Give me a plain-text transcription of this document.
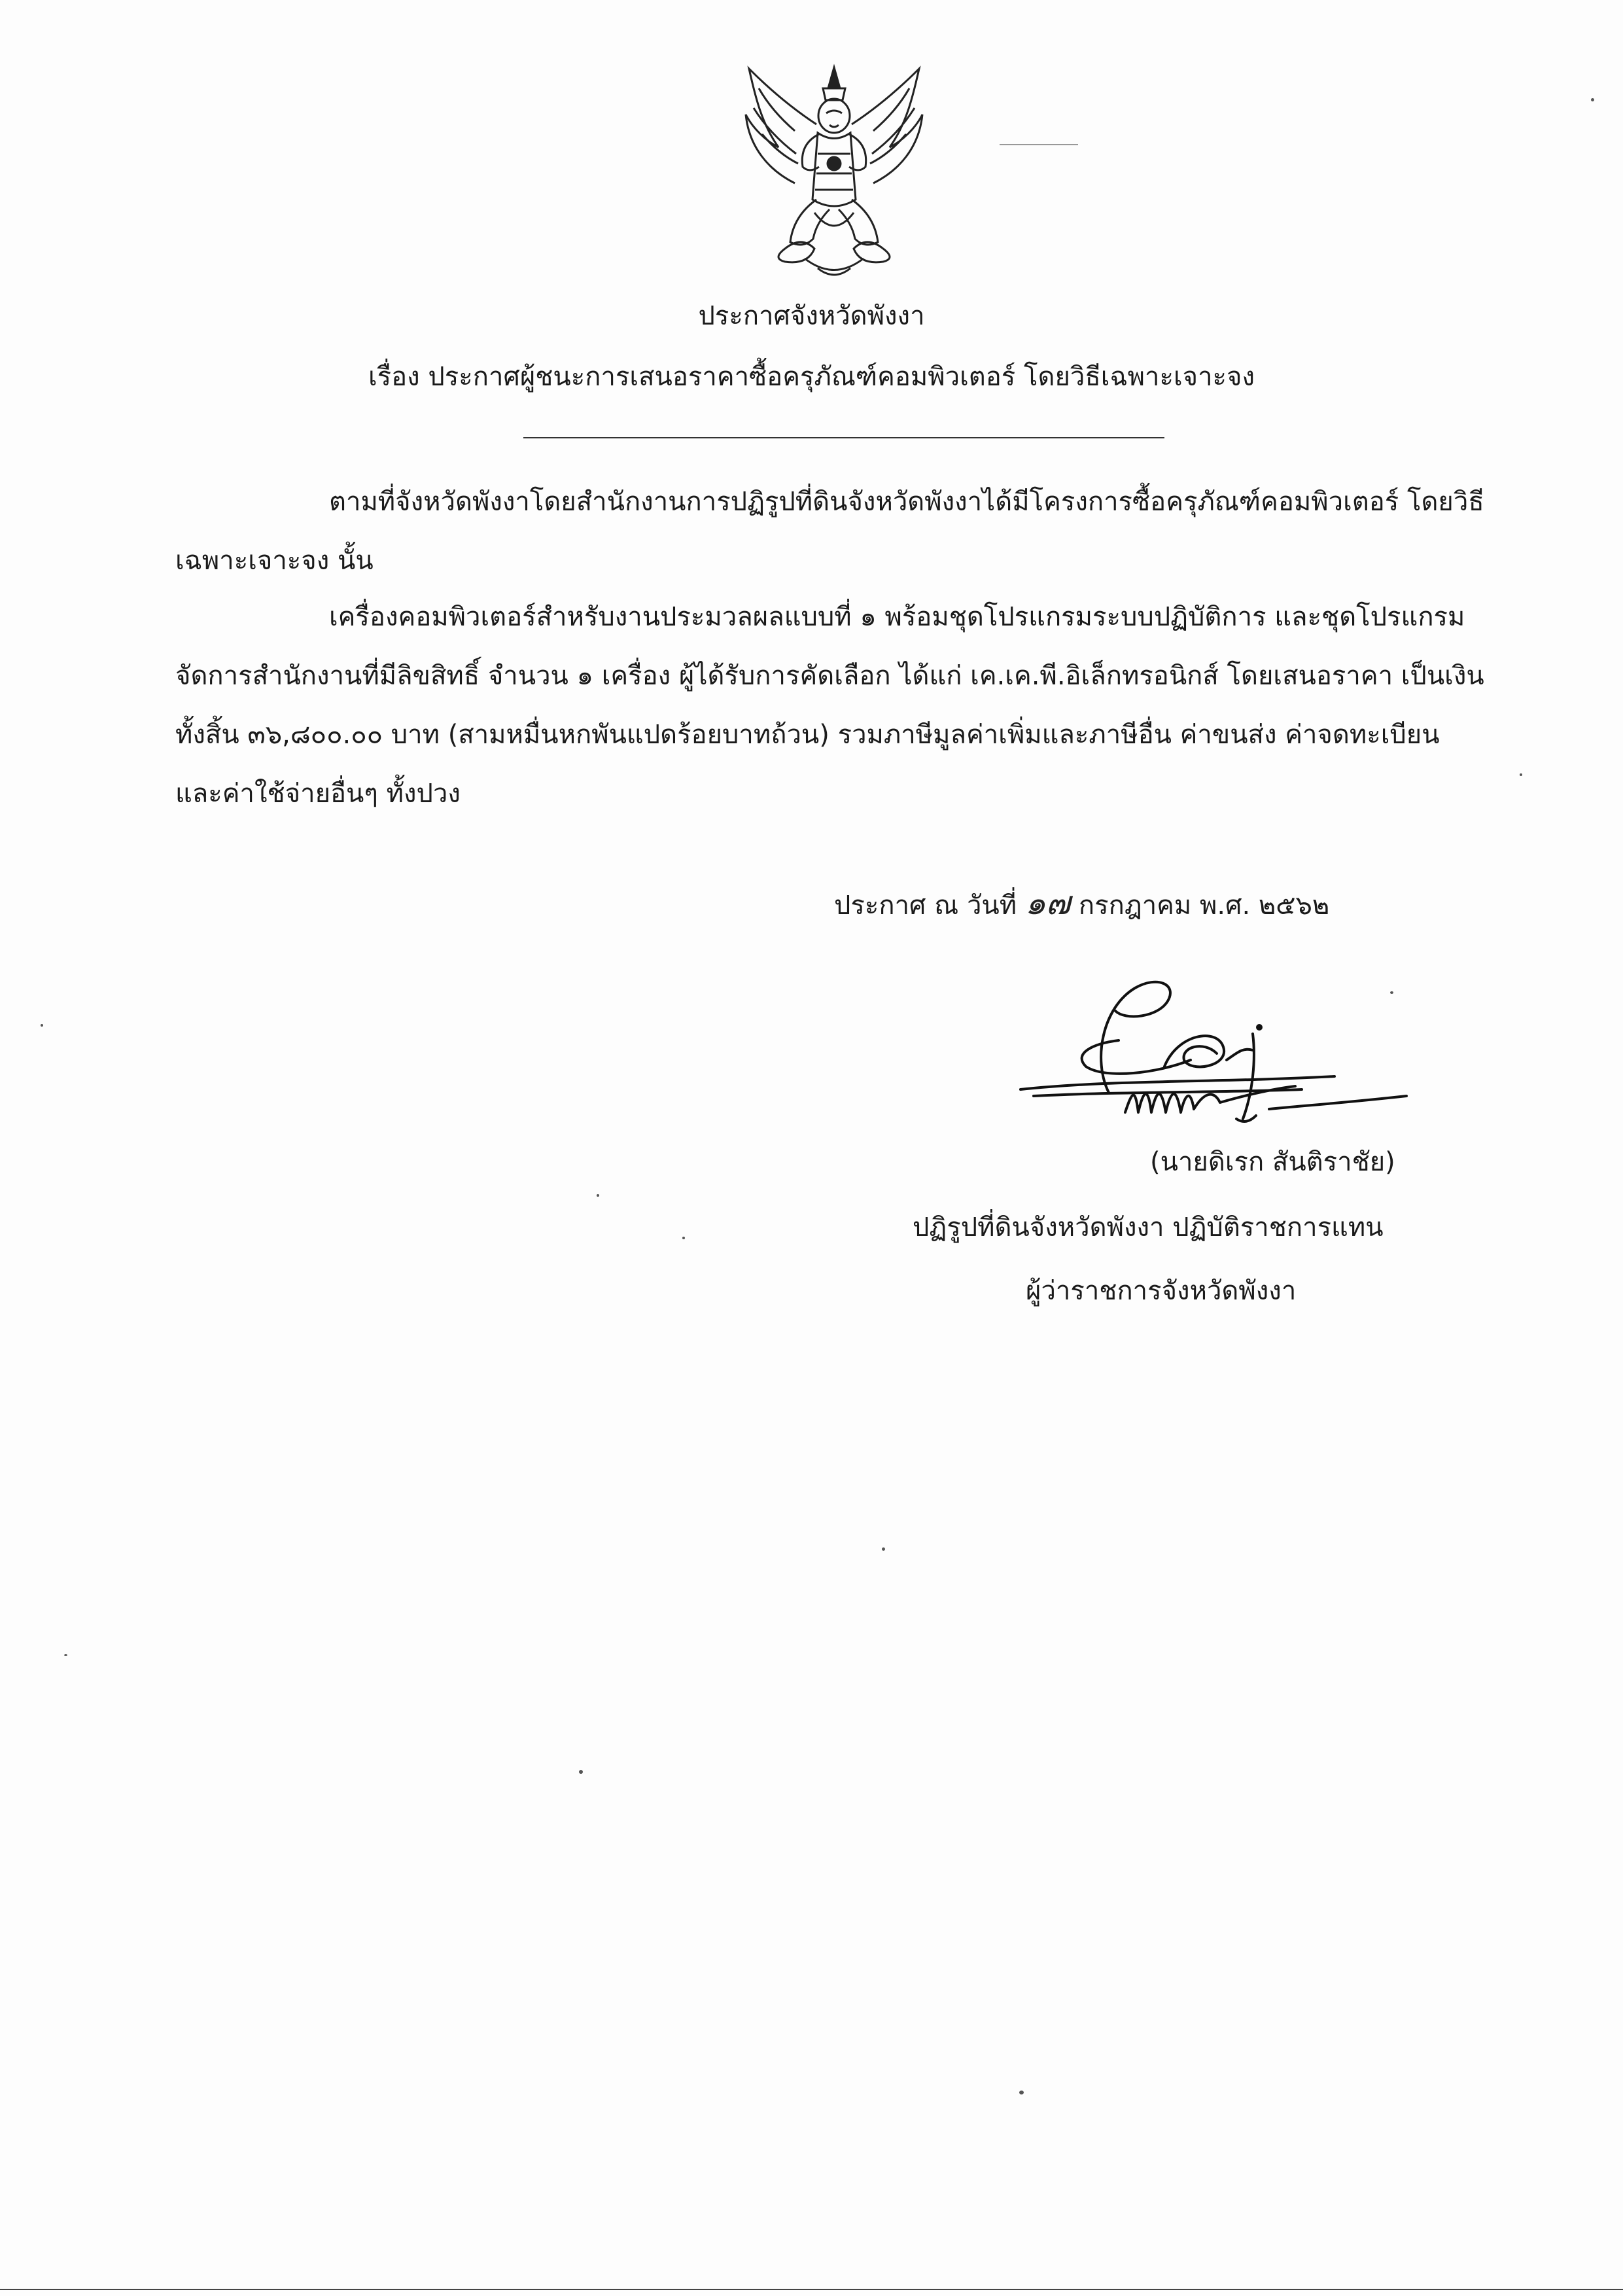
ประกาศจังหวัดพังงา
เรื่อง ประกาศผู้ชนะการเสนอราคาซื้อครุภัณฑ์คอมพิวเตอร์ โดยวิธีเฉพาะเจาะจง

ตามที่จังหวัดพังงาโดยสำนักงานการปฏิรูปที่ดินจังหวัดพังงาได้มีโครงการซื้อครุภัณฑ์คอมพิวเตอร์ โดยวิธีเฉพาะเจาะจง นั้น

เครื่องคอมพิวเตอร์สำหรับงานประมวลผลแบบที่ ๑ พร้อมชุดโปรแกรมระบบปฏิบัติการ และชุดโปรแกรมจัดการสำนักงานที่มีลิขสิทธิ์ จำนวน ๑ เครื่อง ผู้ได้รับการคัดเลือก ได้แก่ เค.เค.พี.อิเล็กทรอนิกส์ โดยเสนอราคา เป็นเงินทั้งสิ้น ๓๖,๘๐๐.๐๐ บาท (สามหมื่นหกพันแปดร้อยบาทถ้วน) รวมภาษีมูลค่าเพิ่มและภาษีอื่น ค่าขนส่ง ค่าจดทะเบียน และค่าใช้จ่ายอื่นๆ ทั้งปวง

ประกาศ ณ วันที่ ๑๗ กรกฎาคม พ.ศ. ๒๕๖๒
(นายดิเรก สันติราชัย)
ปฏิรูปที่ดินจังหวัดพังงา ปฏิบัติราชการแทน
ผู้ว่าราชการจังหวัดพังงา
